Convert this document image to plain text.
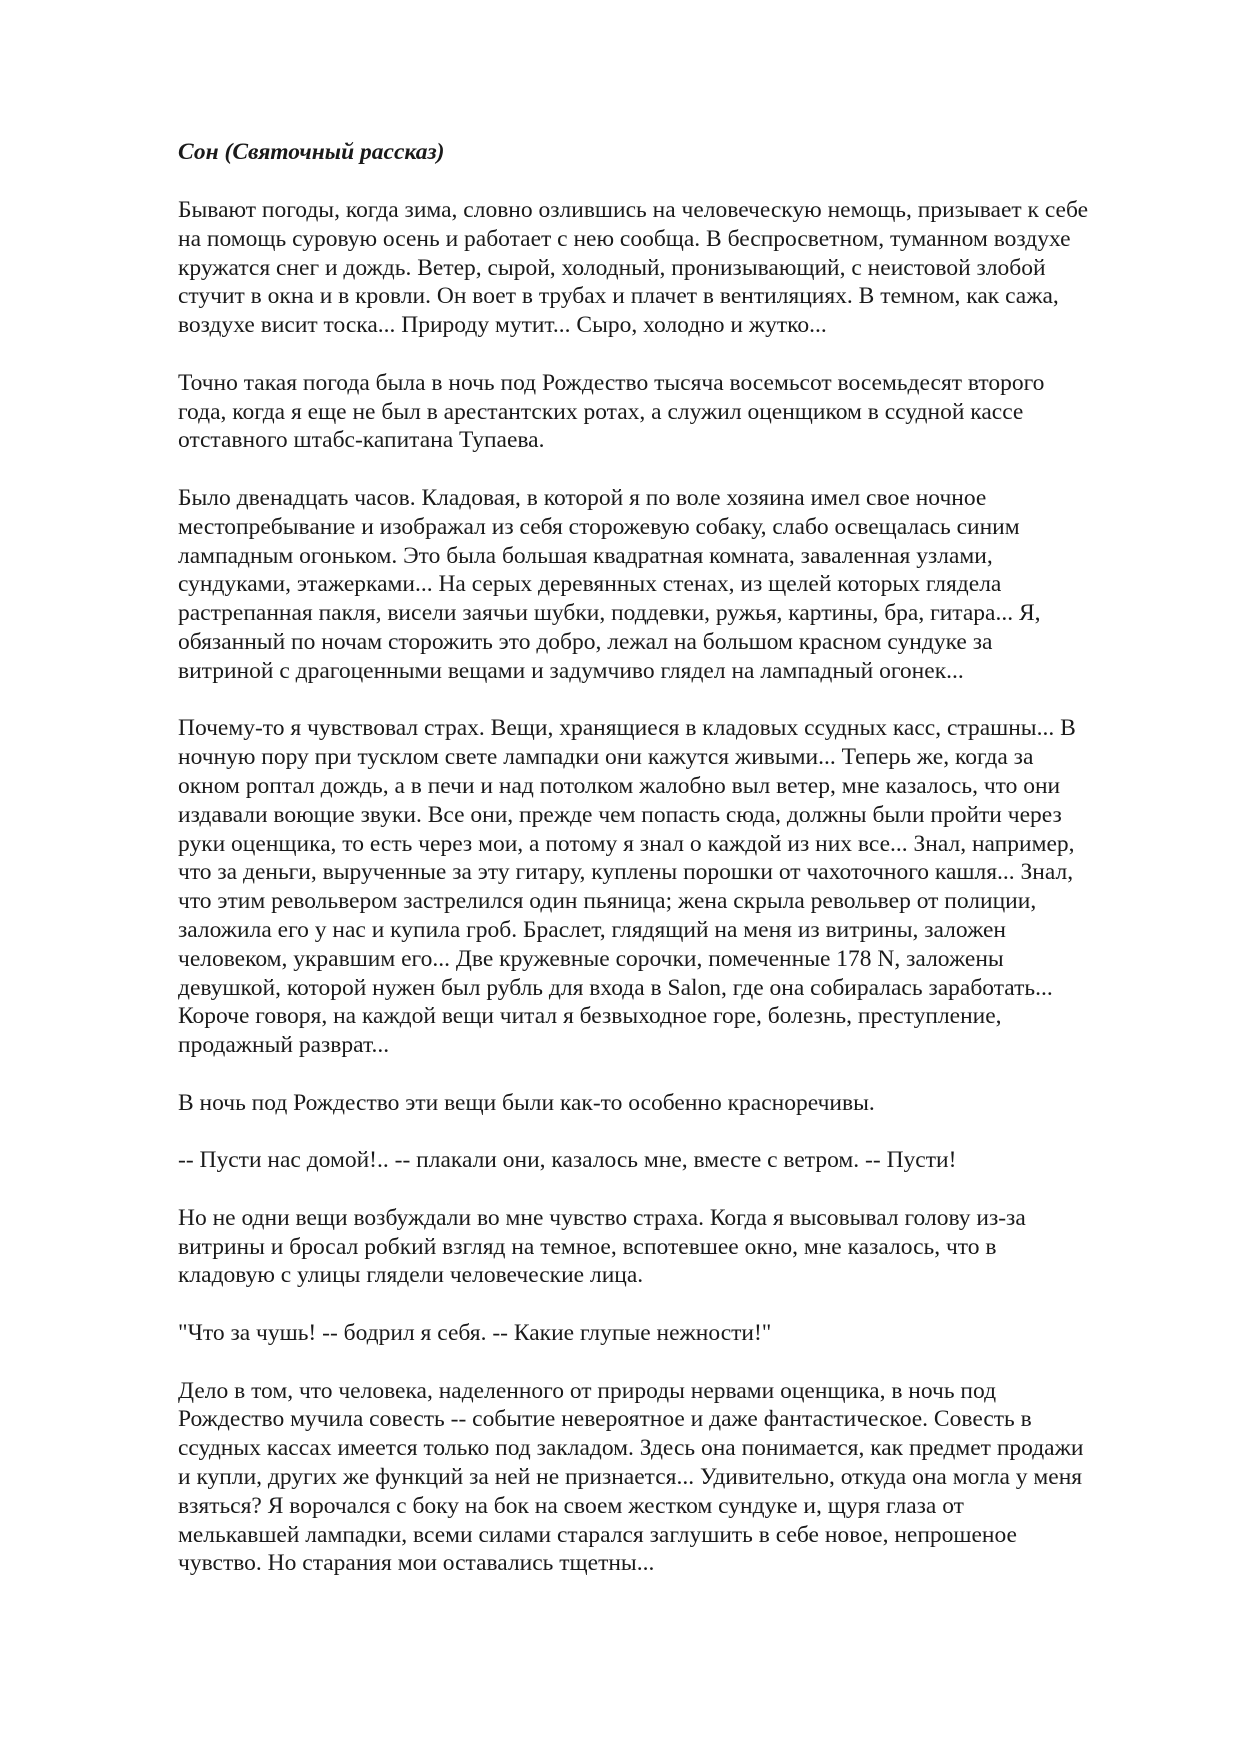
Сон (Святочный рассказ)
Бывают погоды, когда зима, словно озлившись на человеческую немощь, призывает к себе
на помощь суровую осень и работает с нею сообща. В беспросветном, туманном воздухе
кружатся снег и дождь. Ветер, сырой, холодный, пронизывающий, с неистовой злобой
стучит в окна и в кровли. Он воет в трубах и плачет в вентиляциях. В темном, как сажа,
воздухе висит тоска... Природу мутит... Сыро, холодно и жутко...
Точно такая погода была в ночь под Рождество тысяча восемьсот восемьдесят второго
года, когда я еще не был в арестантских ротах, а служил оценщиком в ссудной кассе
отставного штабс-капитана Тупаева.
Было двенадцать часов. Кладовая, в которой я по воле хозяина имел свое ночное
местопребывание и изображал из себя сторожевую собаку, слабо освещалась синим
лампадным огоньком. Это была большая квадратная комната, заваленная узлами,
сундуками, этажерками... На серых деревянных стенах, из щелей которых глядела
растрепанная пакля, висели заячьи шубки, поддевки, ружья, картины, бра, гитара... Я,
обязанный по ночам сторожить это добро, лежал на большом красном сундуке за
витриной с драгоценными вещами и задумчиво глядел на лампадный огонек...
Почему-то я чувствовал страх. Вещи, хранящиеся в кладовых ссудных касс, страшны... В
ночную пору при тусклом свете лампадки они кажутся живыми... Теперь же, когда за
окном роптал дождь, а в печи и над потолком жалобно выл ветер, мне казалось, что они
издавали воющие звуки. Все они, прежде чем попасть сюда, должны были пройти через
руки оценщика, то есть через мои, а потому я знал о каждой из них все... Знал, например,
что за деньги, вырученные за эту гитару, куплены порошки от чахоточного кашля... Знал,
что этим револьвером застрелился один пьяница; жена скрыла револьвер от полиции,
заложила его у нас и купила гроб. Браслет, глядящий на меня из витрины, заложен
человеком, укравшим его... Две кружевные сорочки, помеченные 178 N, заложены
девушкой, которой нужен был рубль для входа в Salon, где она собиралась заработать...
Короче говоря, на каждой вещи читал я безвыходное горе, болезнь, преступление,
продажный разврат...
В ночь под Рождество эти вещи были как-то особенно красноречивы.
-- Пусти нас домой!.. -- плакали они, казалось мне, вместе с ветром. -- Пусти!
Но не одни вещи возбуждали во мне чувство страха. Когда я высовывал голову из-за
витрины и бросал робкий взгляд на темное, вспотевшее окно, мне казалось, что в
кладовую с улицы глядели человеческие лица.
"Что за чушь! -- бодрил я себя. -- Какие глупые нежности!"
Дело в том, что человека, наделенного от природы нервами оценщика, в ночь под
Рождество мучила совесть -- событие невероятное и даже фантастическое. Совесть в
ссудных кассах имеется только под закладом. Здесь она понимается, как предмет продажи
и купли, других же функций за ней не признается... Удивительно, откуда она могла у меня
взяться? Я ворочался с боку на бок на своем жестком сундуке и, щуря глаза от
мелькавшей лампадки, всеми силами старался заглушить в себе новое, непрошеное
чувство. Но старания мои оставались тщетны...
